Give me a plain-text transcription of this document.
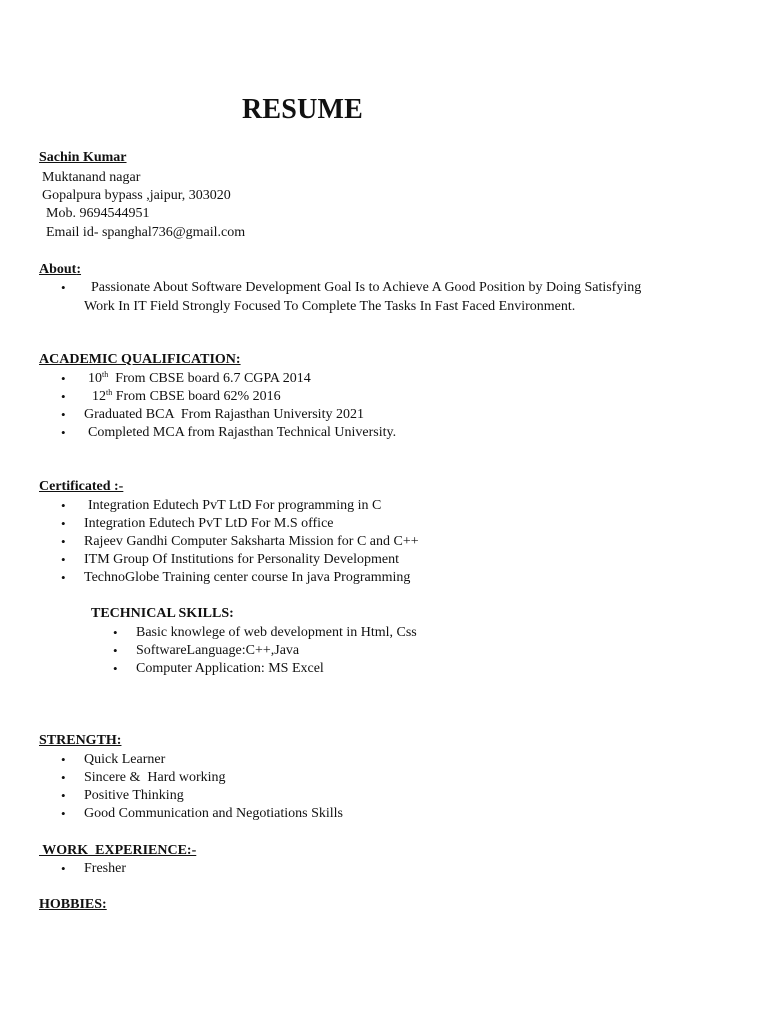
RESUME
Sachin Kumar
Muktanand nagar
Gopalpura bypass ,jaipur, 303020
Mob. 9694544951
Email id- spanghal736@gmail.com
About:
•	Passionate About Software Development Goal Is to Achieve A Good Position by Doing Satisfying Work In IT Field Strongly Focused To Complete The Tasks In Fast Faced Environment.
ACADEMIC QUALIFICATION:
• 10th  From CBSE board 6.7 CGPA 2014
• 12th From CBSE board 62% 2016
• Graduated BCA  From Rajasthan University 2021
• Completed MCA from Rajasthan Technical University.
Certificated :-
• Integration Edutech PvT LtD For programming in C
• Integration Edutech PvT LtD For M.S office
• Rajeev Gandhi Computer Saksharta Mission for C and C++
• ITM Group Of Institutions for Personality Development
• TechnoGlobe Training center course In java Programming
TECHNICAL SKILLS:
• Basic knowlege of web development in Html, Css
• SoftwareLanguage:C++,Java
• Computer Application: MS Excel
STRENGTH:
• Quick Learner
• Sincere &  Hard working
• Positive Thinking
• Good Communication and Negotiations Skills
WORK  EXPERIENCE:-
• Fresher
HOBBIES:
